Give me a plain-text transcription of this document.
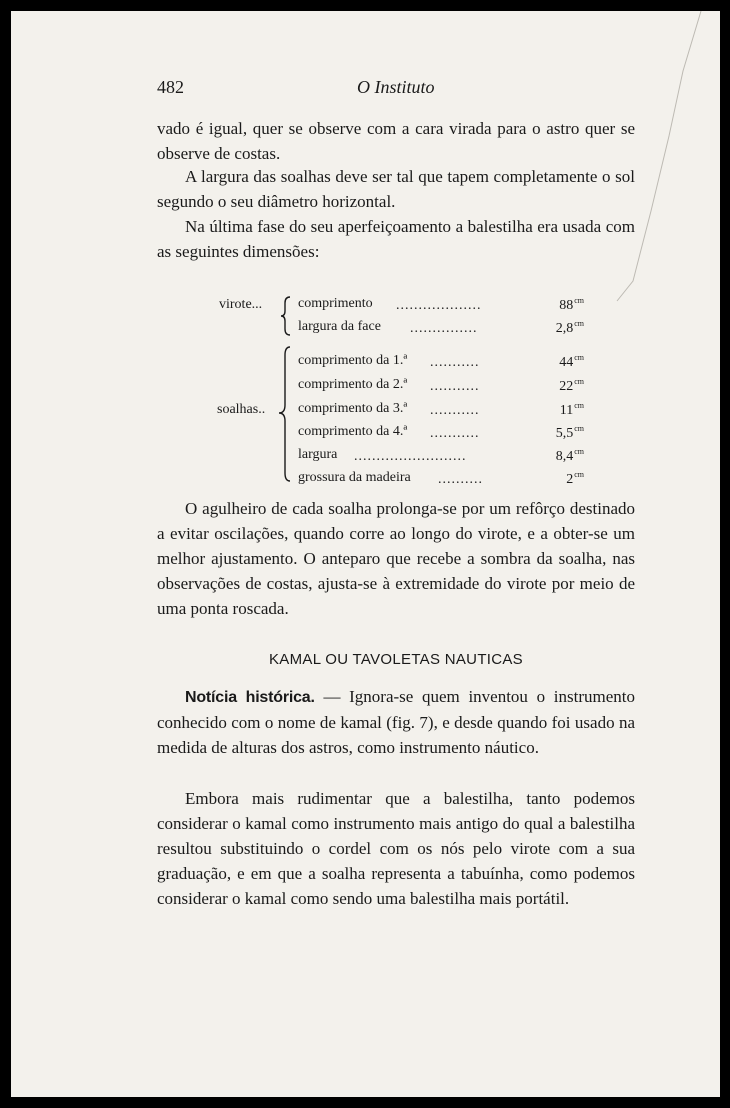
482	O Instituto
vado é igual, quer se observe com a cara virada para o astro quer se observe de costas.
A largura das soalhas deve ser tal que tapem completamente o sol segundo o seu diâmetro horizontal.
Na última fase do seu aperfeiçoamento a balestilha era usada com as seguintes dimensões:
virote...	comprimento ...................	$88^{cm}$
largura da face ...............	$2,8^{cm}$
soalhas..
comprimento da 1.ª ...........	$44^{cm}$
comprimento da 2.ª ...........	$22^{cm}$
comprimento da 3.ª ...........	$11^{cm}$
comprimento da 4.ª ...........	$5,5^{cm}$
largura .........................	$8,4^{cm}$
grossura da madeira ..........	$2^{cm}$
O agulheiro de cada soalha prolonga-se por um refôrço destinado a evitar oscilações, quando corre ao longo do virote, e a obter-se um melhor ajustamento. O anteparo que recebe a sombra da soalha, nas observações de costas, ajusta-se à extremidade do virote por meio de uma ponta roscada.
KAMAL OU TAVOLETAS NAUTICAS
Notícia histórica. — Ignora-se quem inventou o instrumento conhecido com o nome de kamal (fig. 7), e desde quando foi usado na medida de alturas dos astros, como instrumento náutico.
Embora mais rudimentar que a balestilha, tanto podemos considerar o kamal como instrumento mais antigo do qual a balestilha resultou substituindo o cordel com os nós pelo virote com a sua graduação, e em que a soalha representa a tabuínha, como podemos considerar o kamal como sendo uma balestilha mais portátil.
